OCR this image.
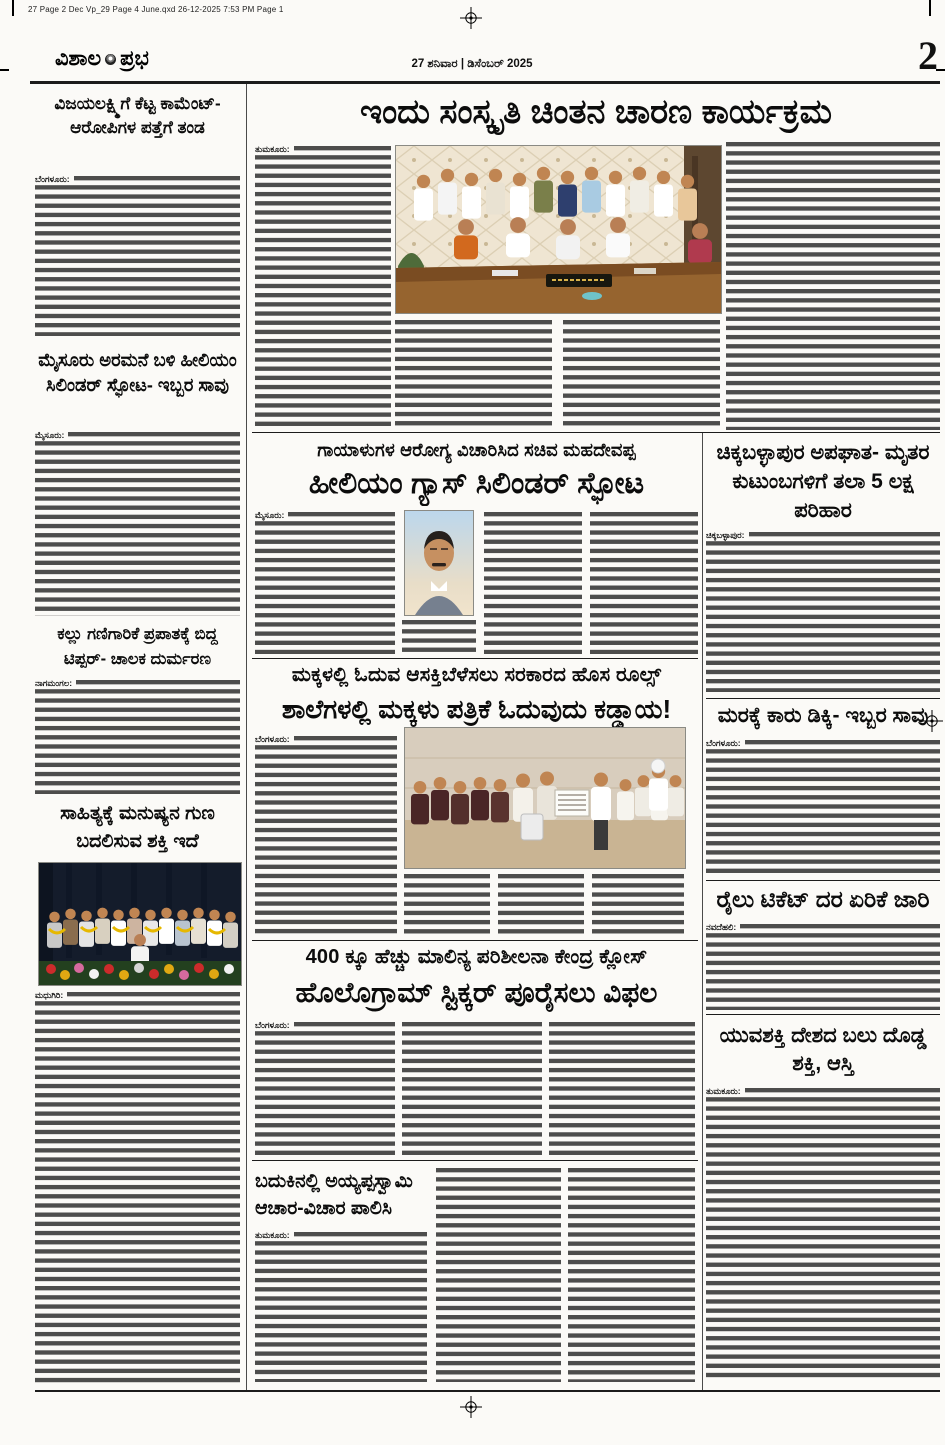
27 Page 2 Dec Vp_29 Page 4 June.qxd 26-12-2025 7:53 PM Page 1
ವಿಶಾಲ ಪ್ರಭ	27 ಶನಿವಾರ | ಡಿಸೆಂಬರ್ 2025	2
ವಿಜಯಲಕ್ಷ್ಮಿಗೆ ಕೆಟ್ಟ ಕಾಮೆಂಟ್- ಆರೋಪಿಗಳ ಪತ್ತೆಗೆ ತಂಡ
ಬೆಂಗಳೂರು:
ಮೈಸೂರು ಅರಮನೆ ಬಳಿ ಹೀಲಿಯಂ ಸಿಲಿಂಡರ್ ಸ್ಫೋಟ- ಇಬ್ಬರ ಸಾವು
ಮೈಸೂರು:
ಕಲ್ಲು ಗಣಿಗಾರಿಕೆ ಪ್ರಪಾತಕ್ಕೆ ಬಿದ್ದ ಟಿಪ್ಪರ್- ಚಾಲಕ ದುರ್ಮರಣ
ನಾಗಮಂಗಲ:
ಸಾಹಿತ್ಯಕ್ಕೆ ಮನುಷ್ಯನ ಗುಣ ಬದಲಿಸುವ ಶಕ್ತಿ ಇದೆ
ಮಧುಗಿರಿ:
ಇಂದು ಸಂಸ್ಕೃತಿ ಚಿಂತನ ಚಾರಣ ಕಾರ್ಯಕ್ರಮ
ತುಮಕೂರು:
ಗಾಯಾಳುಗಳ ಆರೋಗ್ಯ ವಿಚಾರಿಸಿದ ಸಚಿವ ಮಹದೇವಪ್ಪ
ಹೀಲಿಯಂ ಗ್ಯಾಸ್ ಸಿಲಿಂಡರ್ ಸ್ಫೋಟ
ಮೈಸೂರು:
ಚಿಕ್ಕಬಳ್ಳಾಪುರ ಅಪಘಾತ- ಮೃತರ ಕುಟುಂಬಗಳಿಗೆ ತಲಾ 5 ಲಕ್ಷ ಪರಿಹಾರ
ಚಿಕ್ಕಬಳ್ಳಾಪುರ:
ಮರಕ್ಕೆ ಕಾರು ಡಿಕ್ಕಿ- ಇಬ್ಬರ ಸಾವು
ಬೆಂಗಳೂರು:
ರೈಲು ಟಿಕೆಟ್ ದರ ಏರಿಕೆ ಜಾರಿ
ನವದೆಹಲಿ:
ಯುವಶಕ್ತಿ ದೇಶದ ಬಲು ದೊಡ್ಡ ಶಕ್ತಿ, ಆಸ್ತಿ
ತುಮಕೂರು:
ಮಕ್ಕಳಲ್ಲಿ ಓದುವ ಆಸಕ್ತಿಬೆಳೆಸಲು ಸರಕಾರದ ಹೊಸ ರೂಲ್ಸ್
ಶಾಲೆಗಳಲ್ಲಿ ಮಕ್ಕಳು ಪತ್ರಿಕೆ ಓದುವುದು ಕಡ್ಡಾಯ!
ಬೆಂಗಳೂರು:
400 ಕ್ಕೂ ಹೆಚ್ಚು ಮಾಲಿನ್ಯ ಪರಿಶೀಲನಾ ಕೇಂದ್ರ ಕ್ಲೋಸ್
ಹೊಲೊಗ್ರಾಮ್ ಸ್ಟಿಕ್ಕರ್ ಪೂರೈಸಲು ವಿಫಲ
ಬೆಂಗಳೂರು:
ಬದುಕಿನಲ್ಲಿ ಅಯ್ಯಪ್ಪಸ್ವಾಮಿ ಆಚಾರ-ವಿಚಾರ ಪಾಲಿಸಿ
ತುಮಕೂರು:
